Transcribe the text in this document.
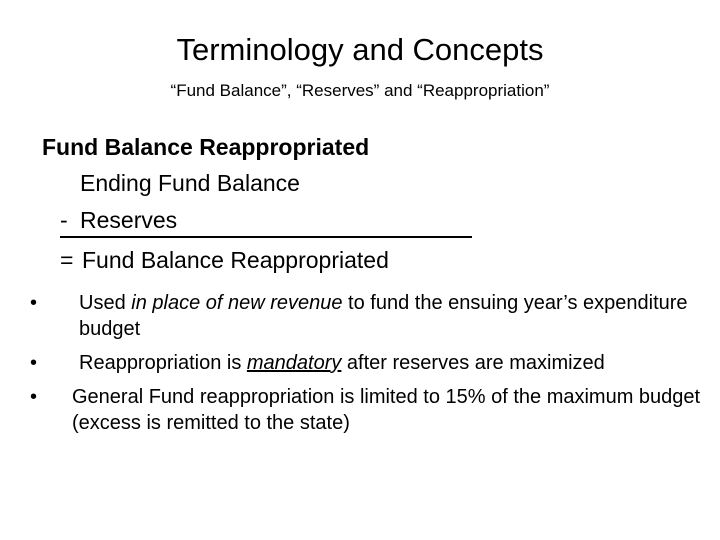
Terminology and Concepts
“Fund Balance”, “Reserves” and “Reappropriation”
Fund Balance Reappropriated
Ending Fund Balance
- Reserves
= Fund Balance Reappropriated
•	Used in place of new revenue to fund the ensuing year’s expenditure budget
•	Reappropriation is mandatory after reserves are maximized
•	General Fund reappropriation is limited to 15% of the maximum budget (excess is remitted to the state)
